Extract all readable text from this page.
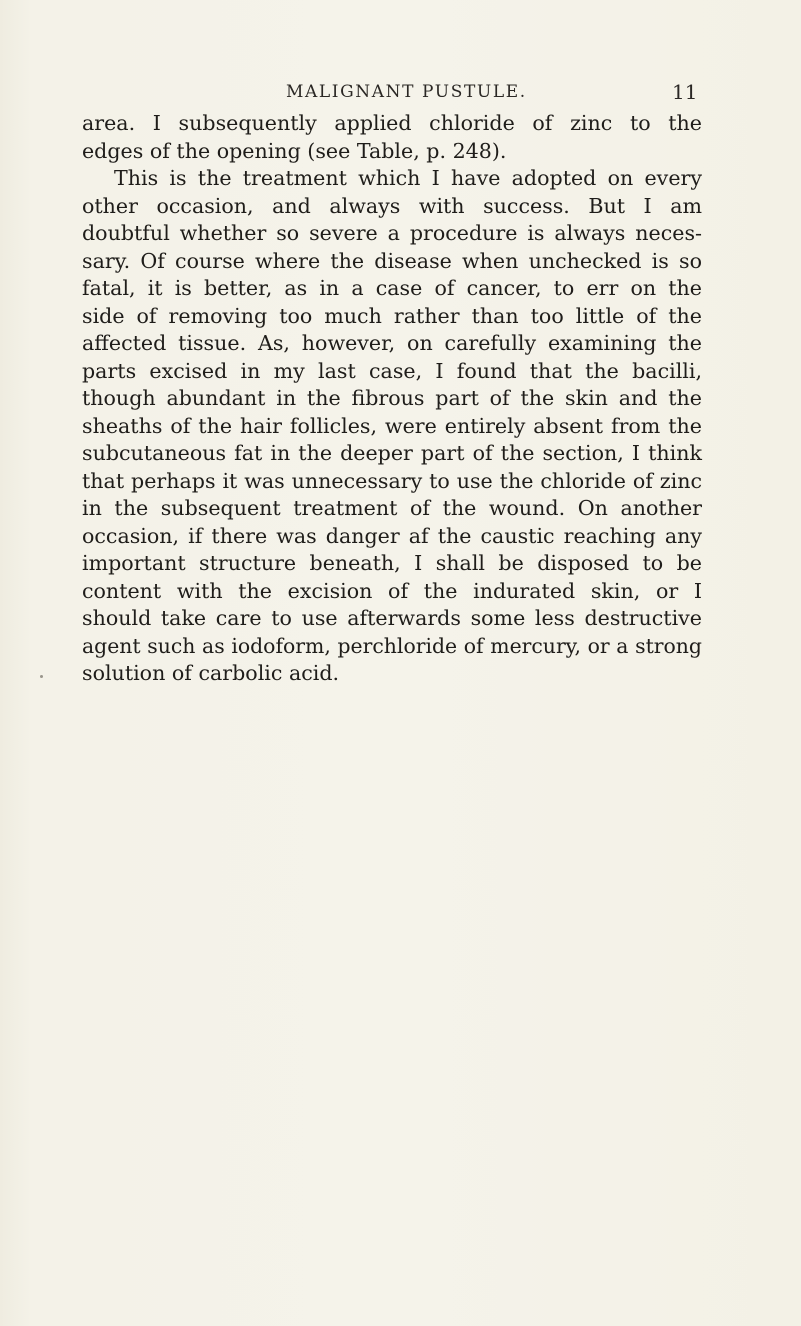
MALIGNANT PUSTULE.	11
area. I subsequently applied chloride of zinc to the
edges of the opening (see Table, p. 248).
This is the treatment which I have adopted on every
other occasion, and always with success. But I am
doubtful whether so severe a procedure is always neces-
sary. Of course where the disease when unchecked is so
fatal, it is better, as in a case of cancer, to err on the
side of removing too much rather than too little of the
affected tissue. As, however, on carefully examining the
parts excised in my last case, I found that the bacilli,
though abundant in the fibrous part of the skin and the
sheaths of the hair follicles, were entirely absent from the
subcutaneous fat in the deeper part of the section, I think
that perhaps it was unnecessary to use the chloride of zinc
in the subsequent treatment of the wound. On another
occasion, if there was danger af the caustic reaching any
important structure beneath, I shall be disposed to be
content with the excision of the indurated skin, or I
should take care to use afterwards some less destructive
agent such as iodoform, perchloride of mercury, or a strong
solution of carbolic acid.
